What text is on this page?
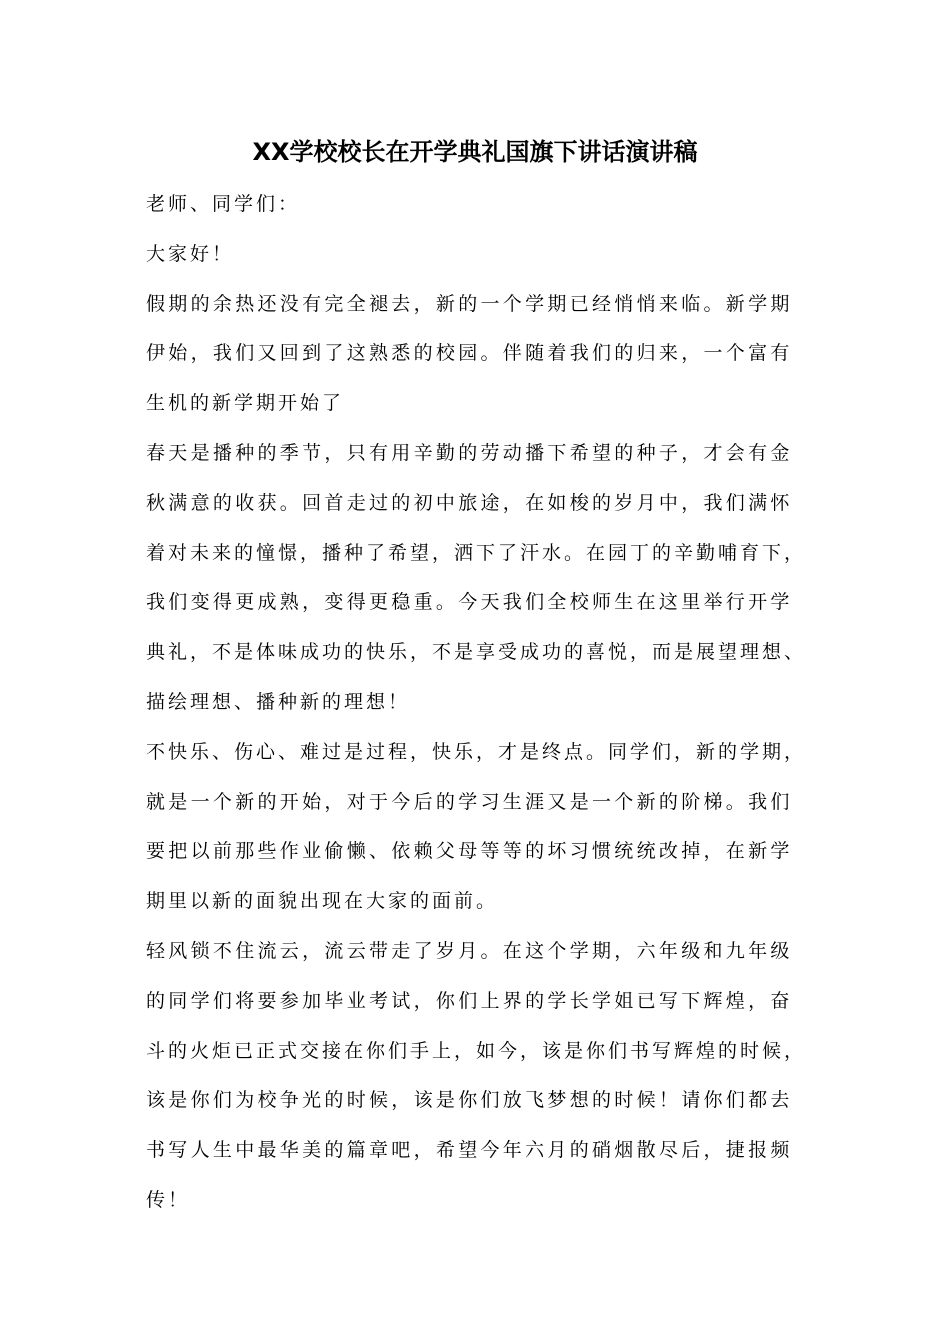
XX学校校长在开学典礼国旗下讲话演讲稿
老师、同学们：
大家好！
假期的余热还没有完全褪去，新的一个学期已经悄悄来临。新学期
伊始，我们又回到了这熟悉的校园。伴随着我们的归来，一个富有
生机的新学期开始了
春天是播种的季节，只有用辛勤的劳动播下希望的种子，才会有金
秋满意的收获。回首走过的初中旅途，在如梭的岁月中，我们满怀
着对未来的憧憬，播种了希望，洒下了汗水。在园丁的辛勤哺育下，
我们变得更成熟，变得更稳重。今天我们全校师生在这里举行开学
典礼，不是体味成功的快乐，不是享受成功的喜悦，而是展望理想、
描绘理想、播种新的理想！
不快乐、伤心、难过是过程，快乐，才是终点。同学们，新的学期，
就是一个新的开始，对于今后的学习生涯又是一个新的阶梯。我们
要把以前那些作业偷懒、依赖父母等等的坏习惯统统改掉，在新学
期里以新的面貌出现在大家的面前。
轻风锁不住流云，流云带走了岁月。在这个学期，六年级和九年级
的同学们将要参加毕业考试，你们上界的学长学姐已写下辉煌，奋
斗的火炬已正式交接在你们手上，如今，该是你们书写辉煌的时候，
该是你们为校争光的时候，该是你们放飞梦想的时候！请你们都去
书写人生中最华美的篇章吧，希望今年六月的硝烟散尽后，捷报频
传！
